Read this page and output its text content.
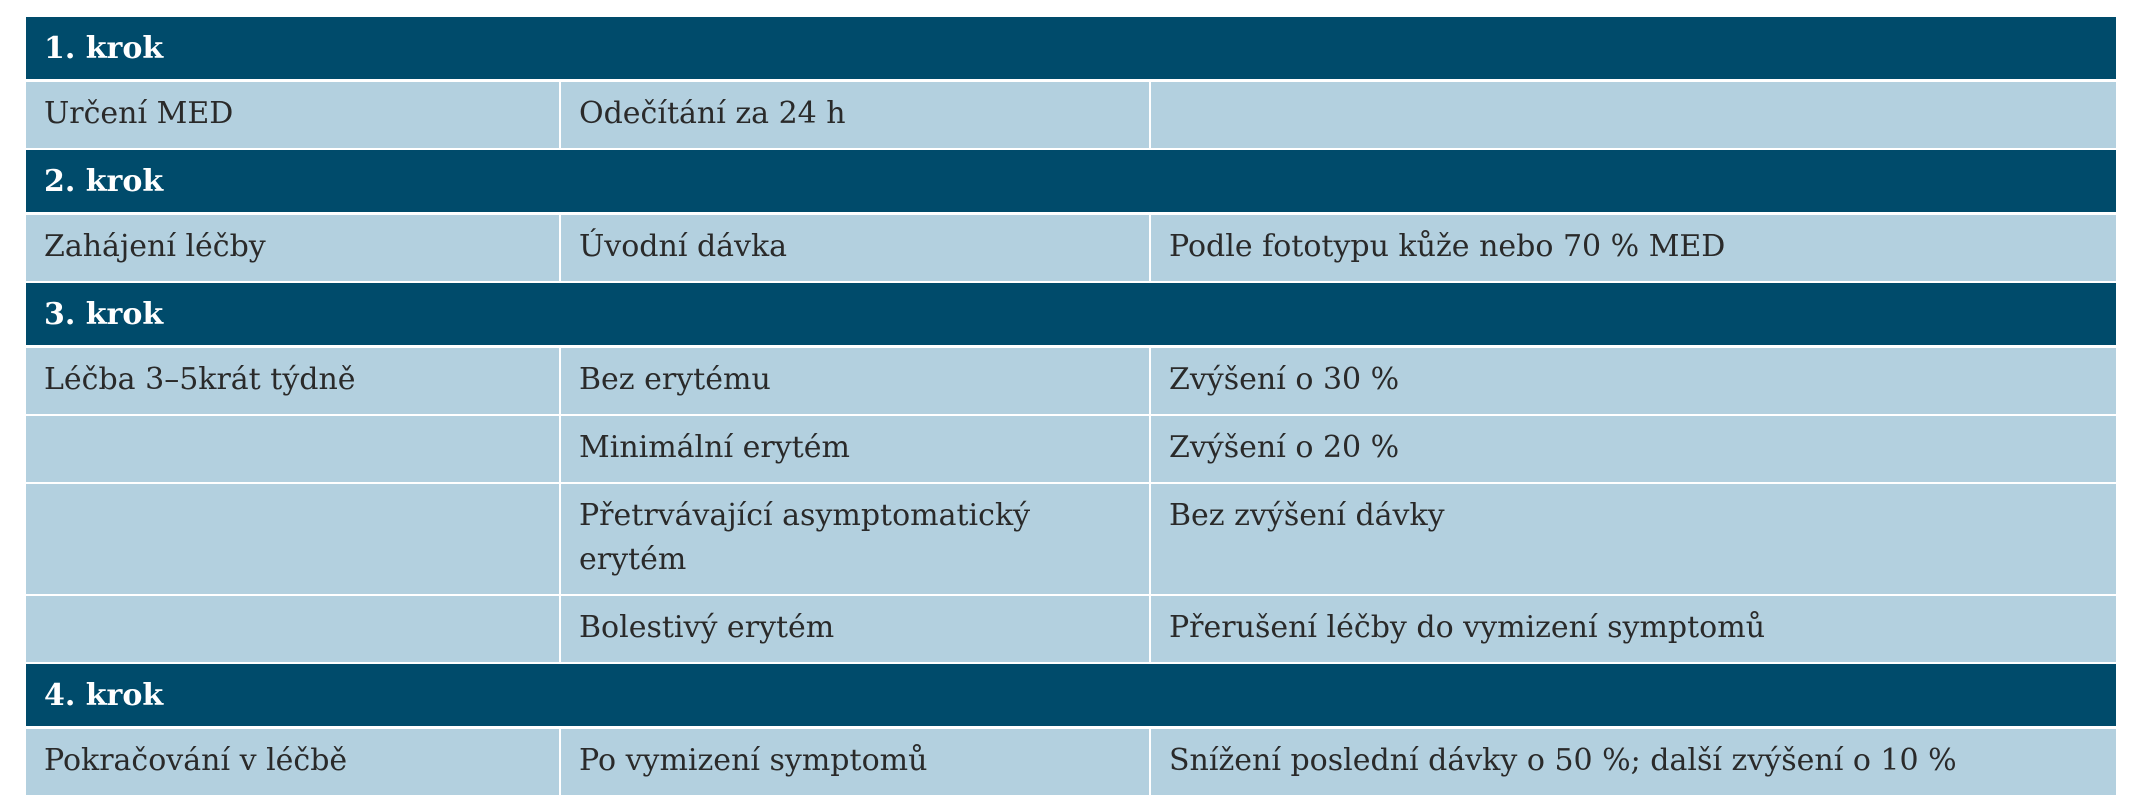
1. krok		
Určení MED	Odečítání za 24 h	
2. krok		
Zahájení léčby	Úvodní dávka	Podle fototypu kůže nebo 70 % MED
3. krok		
Léčba 3–5krát týdně	Bez erytému	Zvýšení o 30 %
	Minimální erytém	Zvýšení o 20 %
	Přetrvávající asymptomatický erytém	Bez zvýšení dávky
	Bolestivý erytém	Přerušení léčby do vymizení symptomů
4. krok		
Pokračování v léčbě	Po vymizení symptomů	Snížení poslední dávky o 50 %; další zvýšení o 10 %
